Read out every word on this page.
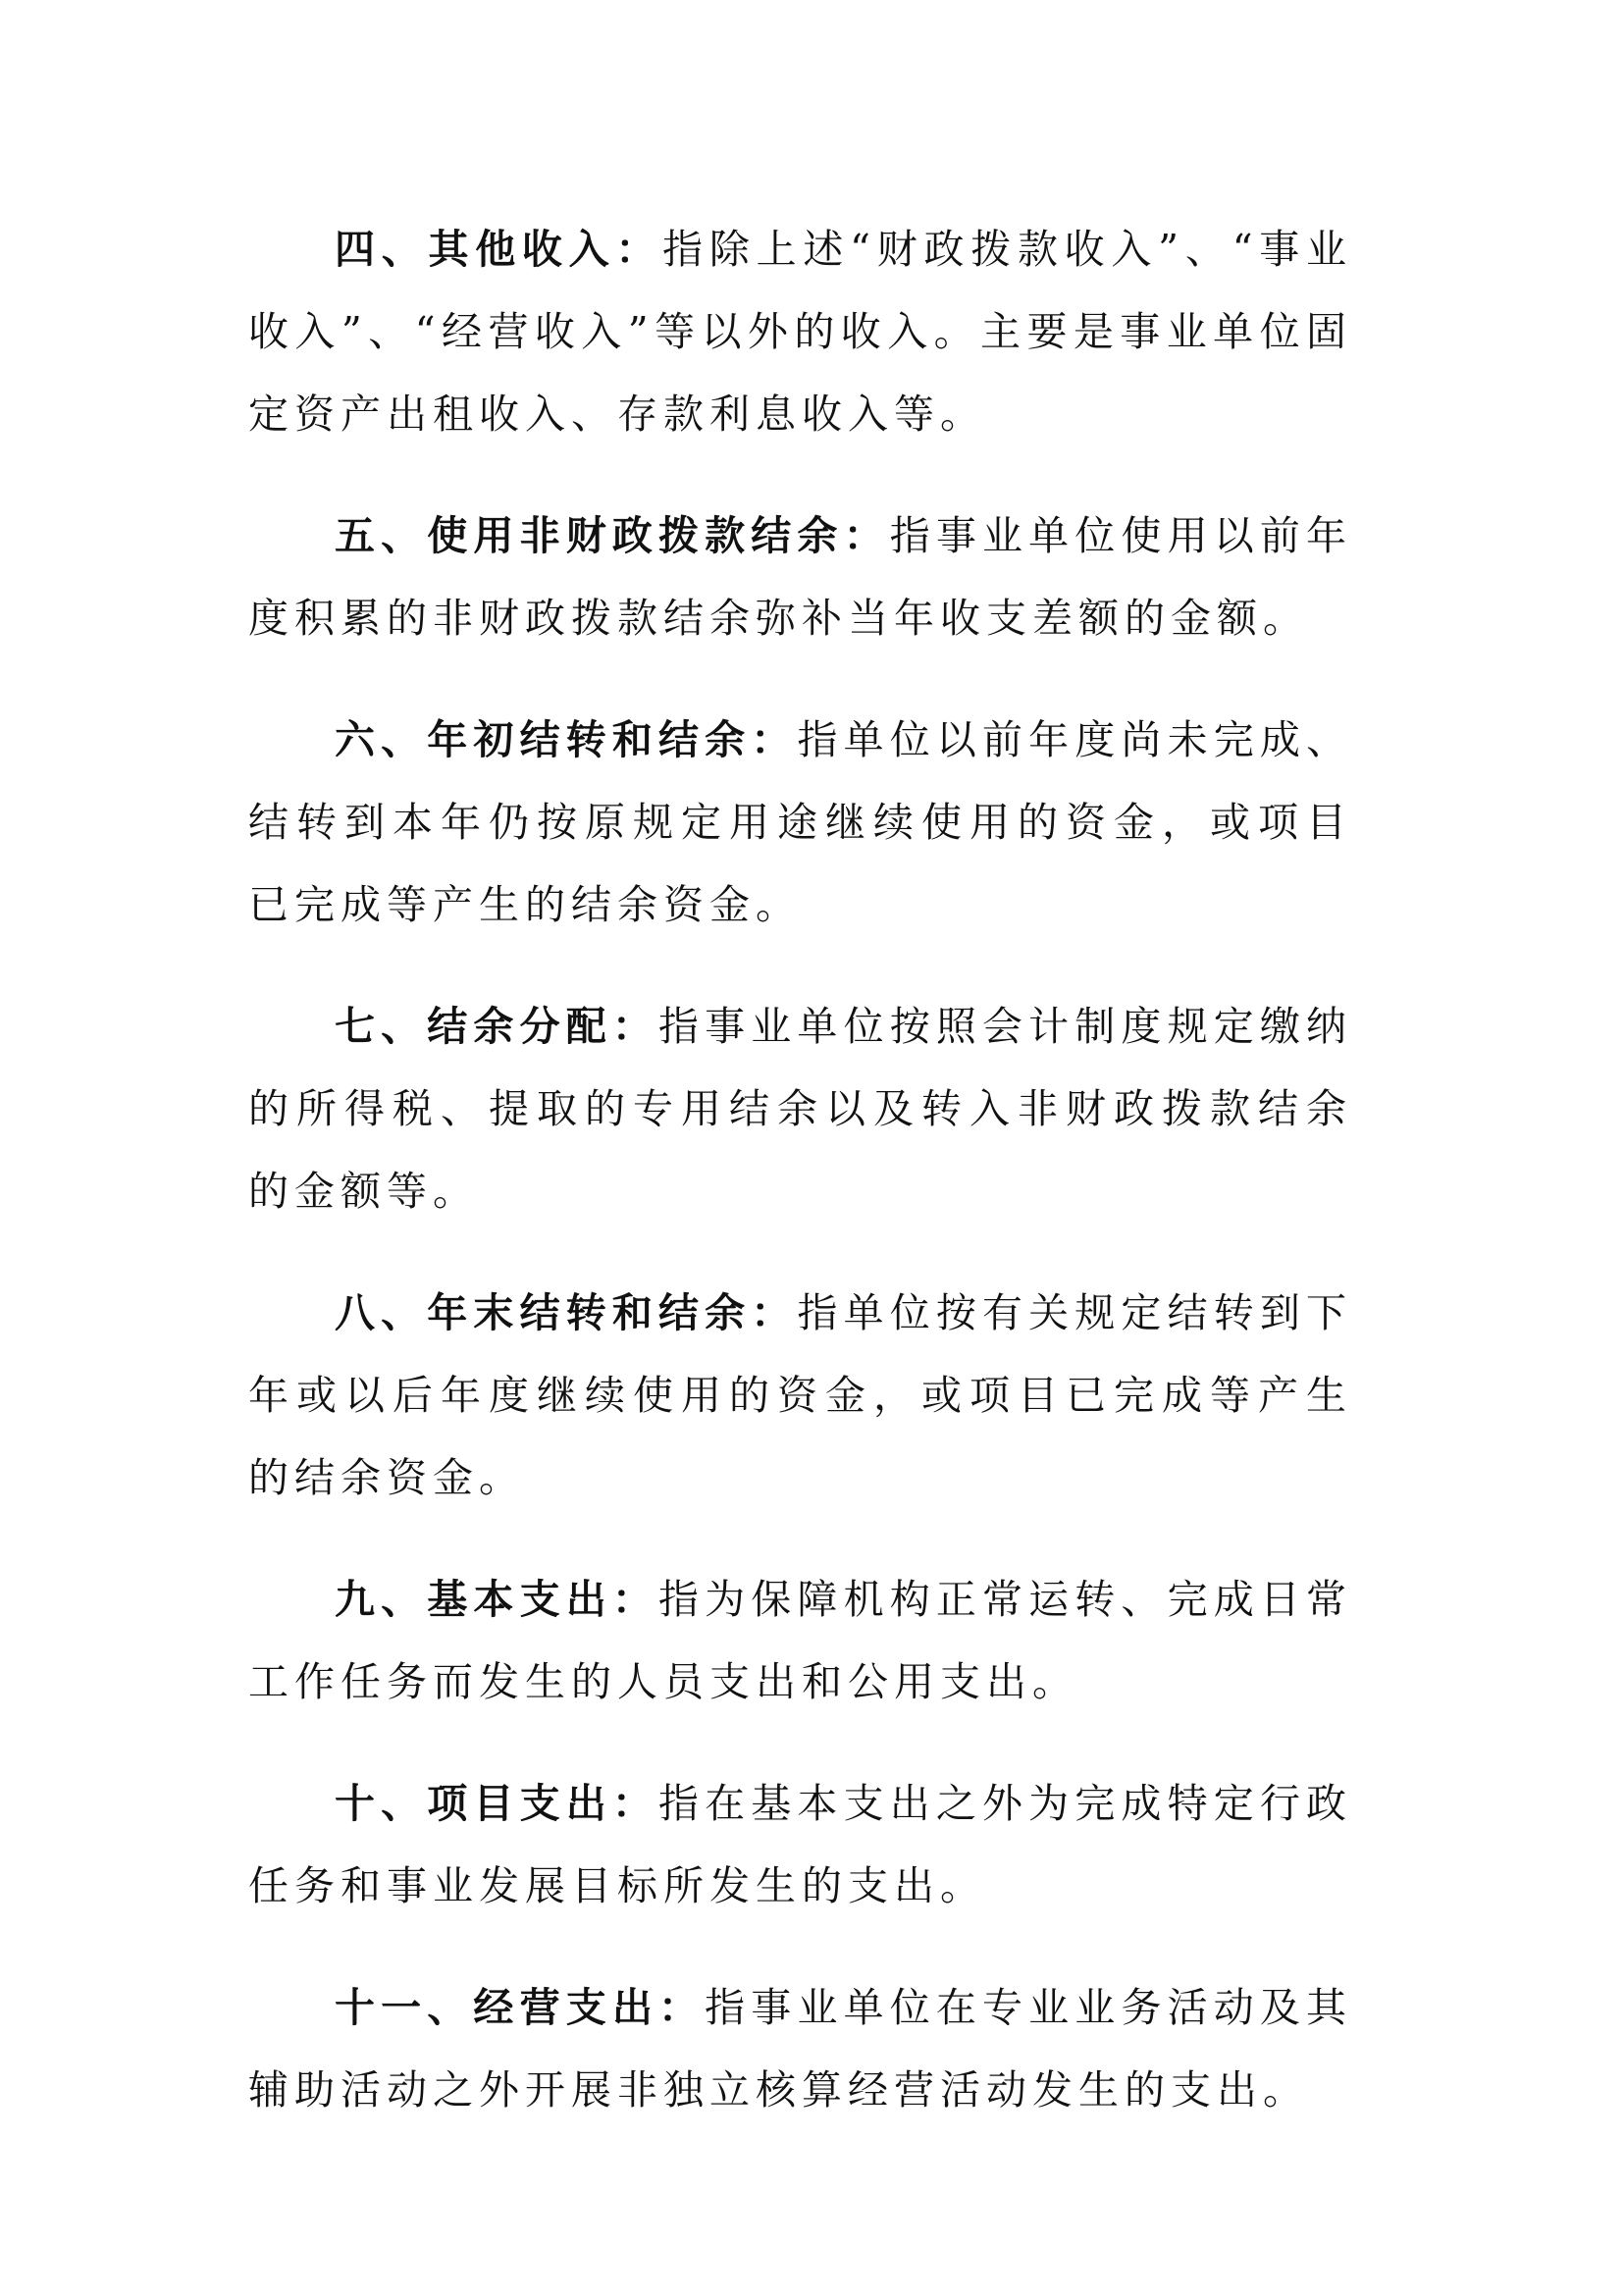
四、其他收入：指除上述“财政拨款收入”、“事业收入”、“经营收入”等以外的收入。主要是事业单位固定资产出租收入、存款利息收入等。

五、使用非财政拨款结余：指事业单位使用以前年度积累的非财政拨款结余弥补当年收支差额的金额。

六、年初结转和结余：指单位以前年度尚未完成、结转到本年仍按原规定用途继续使用的资金，或项目已完成等产生的结余资金。

七、结余分配：指事业单位按照会计制度规定缴纳的所得税、提取的专用结余以及转入非财政拨款结余的金额等。

八、年末结转和结余：指单位按有关规定结转到下年或以后年度继续使用的资金，或项目已完成等产生的结余资金。

九、基本支出：指为保障机构正常运转、完成日常工作任务而发生的人员支出和公用支出。

十、项目支出：指在基本支出之外为完成特定行政任务和事业发展目标所发生的支出。

十一、经营支出：指事业单位在专业业务活动及其辅助活动之外开展非独立核算经营活动发生的支出。
